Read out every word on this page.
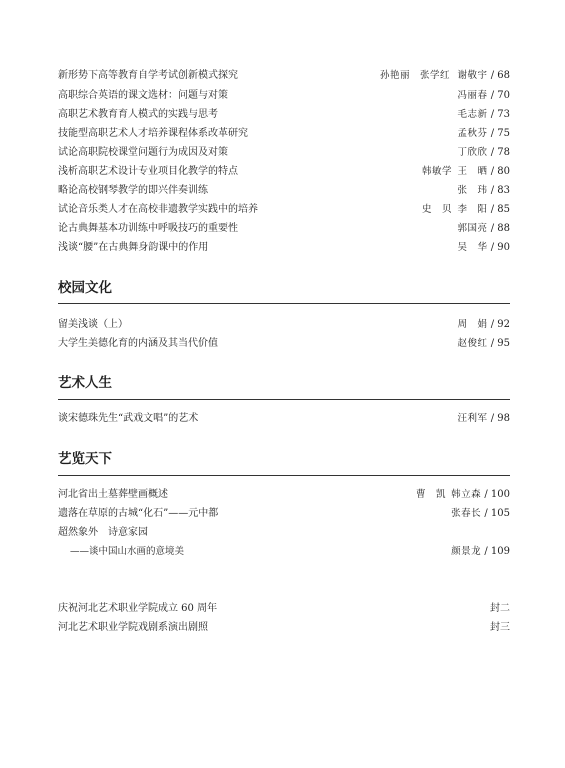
新形势下高等教育自学考试创新模式探究	孙艳丽　张学红 谢敬宇 / 68
高职综合英语的课文选材：问题与对策	冯丽春 / 70
高职艺术教育育人模式的实践与思考	毛志新 / 73
技能型高职艺术人才培养课程体系改革研究	孟秋芬 / 75
试论高职院校课堂问题行为成因及对策	丁欣欣 / 78
浅析高职艺术设计专业项目化教学的特点	韩敏学 王　晒 / 80
略论高校钢琴教学的即兴伴奏训练	张　玮 / 83
试论音乐类人才在高校非遗教学实践中的培养	史　贝 李　阳 / 85
论古典舞基本功训练中呼吸技巧的重要性	郭国亮 / 88
浅谈“腰”在古典舞身韵课中的作用	吴　华 / 90
校园文化
留美浅谈（上）	周　娟 / 92
大学生美德化育的内涵及其当代价值	赵俊红 / 95
艺术人生
谈宋德珠先生“武戏文唱”的艺术	汪利军 / 98
艺览天下
河北省出土墓葬壁画概述	曹　凯 韩立森 / 100
遗落在草原的古城“化石”——元中都	张春长 / 105
超然象外　诗意家园
——谈中国山水画的意境美	颜景龙 / 109
庆祝河北艺术职业学院成立 60 周年	封二
河北艺术职业学院戏剧系演出剧照	封三
